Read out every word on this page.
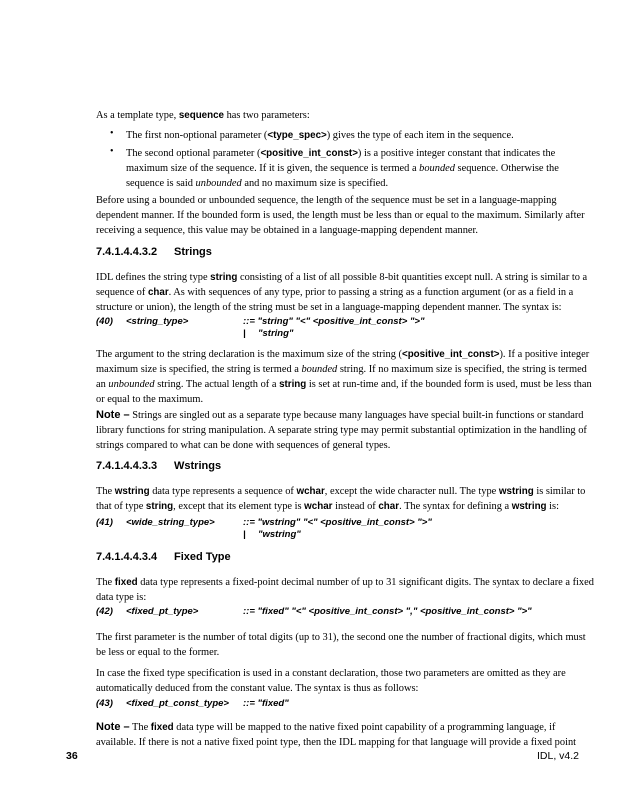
As a template type, sequence has two parameters:
• The first non-optional parameter (<type_spec>) gives the type of each item in the sequence.
• The second optional parameter (<positive_int_const>) is a positive integer constant that indicates the maximum size of the sequence. If it is given, the sequence is termed a bounded sequence. Otherwise the sequence is said unbounded and no maximum size is specified.
Before using a bounded or unbounded sequence, the length of the sequence must be set in a language-mapping dependent manner. If the bounded form is used, the length must be less than or equal to the maximum. Similarly after receiving a sequence, this value may be obtained in a language-mapping dependent manner.
7.4.1.4.4.3.2 Strings
IDL defines the string type string consisting of a list of all possible 8-bit quantities except null. A string is similar to a sequence of char. As with sequences of any type, prior to passing a string as a function argument (or as a field in a structure or union), the length of the string must be set in a language-mapping dependent manner. The syntax is:
(40) <string_type>	::= "string" "<" <positive_int_const> ">"
| "string"
The argument to the string declaration is the maximum size of the string (<positive_int_const>). If a positive integer maximum size is specified, the string is termed a bounded string. If no maximum size is specified, the string is termed an unbounded string. The actual length of a string is set at run-time and, if the bounded form is used, must be less than or equal to the maximum.
Note – Strings are singled out as a separate type because many languages have special built-in functions or standard library functions for string manipulation. A separate string type may permit substantial optimization in the handling of strings compared to what can be done with sequences of general types.
7.4.1.4.4.3.3 Wstrings
The wstring data type represents a sequence of wchar, except the wide character null. The type wstring is similar to that of type string, except that its element type is wchar instead of char. The syntax for defining a wstring is:
(41) <wide_string_type>	::= "wstring" "<" <positive_int_const> ">"
| "wstring"
7.4.1.4.4.3.4 Fixed Type
The fixed data type represents a fixed-point decimal number of up to 31 significant digits. The syntax to declare a fixed data type is:
(42) <fixed_pt_type>	::= "fixed" "<" <positive_int_const> "," <positive_int_const> ">"
The first parameter is the number of total digits (up to 31), the second one the number of fractional digits, which must be less or equal to the former.
In case the fixed type specification is used in a constant declaration, those two parameters are omitted as they are automatically deduced from the constant value. The syntax is thus as follows:
(43) <fixed_pt_const_type> ::= "fixed"
Note – The fixed data type will be mapped to the native fixed point capability of a programming language, if available. If there is not a native fixed point type, then the IDL mapping for that language will provide a fixed point
36	IDL, v4.2
